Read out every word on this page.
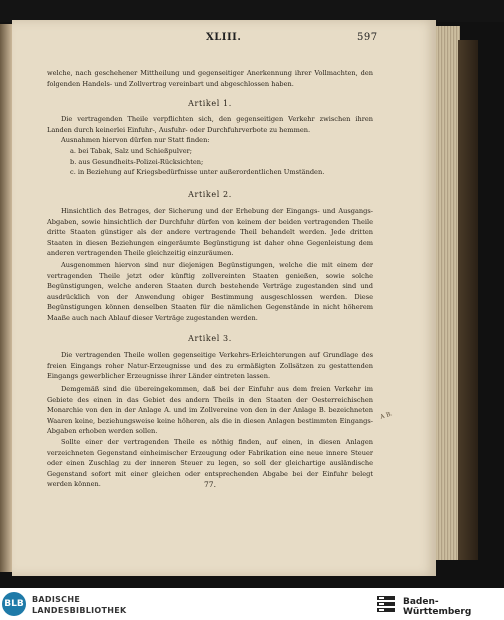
XLIII.	597

welche, nach geschehener Mittheilung und gegenseitiger Anerkennung ihrer Vollmachten, den folgenden Handels- und Zollvertrag vereinbart und abgeschlossen haben.

Artikel 1.

Die vertragenden Theile verpflichten sich, den gegenseitigen Verkehr zwischen ihren Landen durch keinerlei Einfuhr-, Ausfuhr- oder Durchfuhrverbote zu hemmen.

Ausnahmen hiervon dürfen nur Statt finden:

a. bei Tabak, Salz und Schießpulver;
b. aus Gesundheits-Polizei-Rücksichten;
c. in Beziehung auf Kriegsbedürfnisse unter außerordentlichen Umständen.
Artikel 2.

Hinsichtlich des Betrages, der Sicherung und der Erhebung der Eingangs- und Ausgangs-Abgaben, sowie hinsichtlich der Durchfuhr dürfen von keinem der beiden vertragenden Theile dritte Staaten günstiger als der andere vertragende Theil behandelt werden. Jede dritten Staaten in diesen Beziehungen eingeräumte Begünstigung ist daher ohne Gegenleistung dem anderen vertragenden Theile gleichzeitig einzuräumen.

Ausgenommen hiervon sind nur diejenigen Begünstigungen, welche die mit einem der vertragenden Theile jetzt oder künftig zollvereinten Staaten genießen, sowie solche Begünstigungen, welche anderen Staaten durch bestehende Verträge zugestanden sind und ausdrücklich von der Anwendung obiger Bestimmung ausgeschlossen werden. Diese Begünstigungen können denselben Staaten für die nämlichen Gegenstände in nicht höherem Maaße auch nach Ablauf dieser Verträge zugestanden werden.

Artikel 3.

Die vertragenden Theile wollen gegenseitige Verkehrs-Erleichterungen auf Grundlage des freien Eingangs roher Natur-Erzeugnisse und des zu ermäßigten Zollsätzen zu gestattenden Eingangs gewerblicher Erzeugnisse ihrer Länder eintreten lassen.

Demgemäß sind die übereingekommen, daß bei der Einfuhr aus dem freien Verkehr im Gebiete des einen in das Gebiet des andern Theils in den Staaten der Oesterreichischen Monarchie von den in der Anlage A. und im Zollvereine von den in der Anlage B. bezeichneten Waaren keine, beziehungsweise keine höheren, als die in diesen Anlagen bestimmten Eingangs-Abgaben erhoben werden sollen.

Sollte einer der vertragenden Theile es nöthig finden, auf einen, in diesen Anlagen verzeichneten Gegenstand einheimischer Erzeugung oder Fabrikation eine neue innere Steuer oder einen Zuschlag zu der inneren Steuer zu legen, so soll der gleichartige ausländische Gegenstand sofort mit einer gleichen oder entsprechenden Abgabe bei der Einfuhr belegt werden können.	77.
A B.
BLB BADISCHE
LANDESBIBLIOTHEK
Baden-Württemberg
